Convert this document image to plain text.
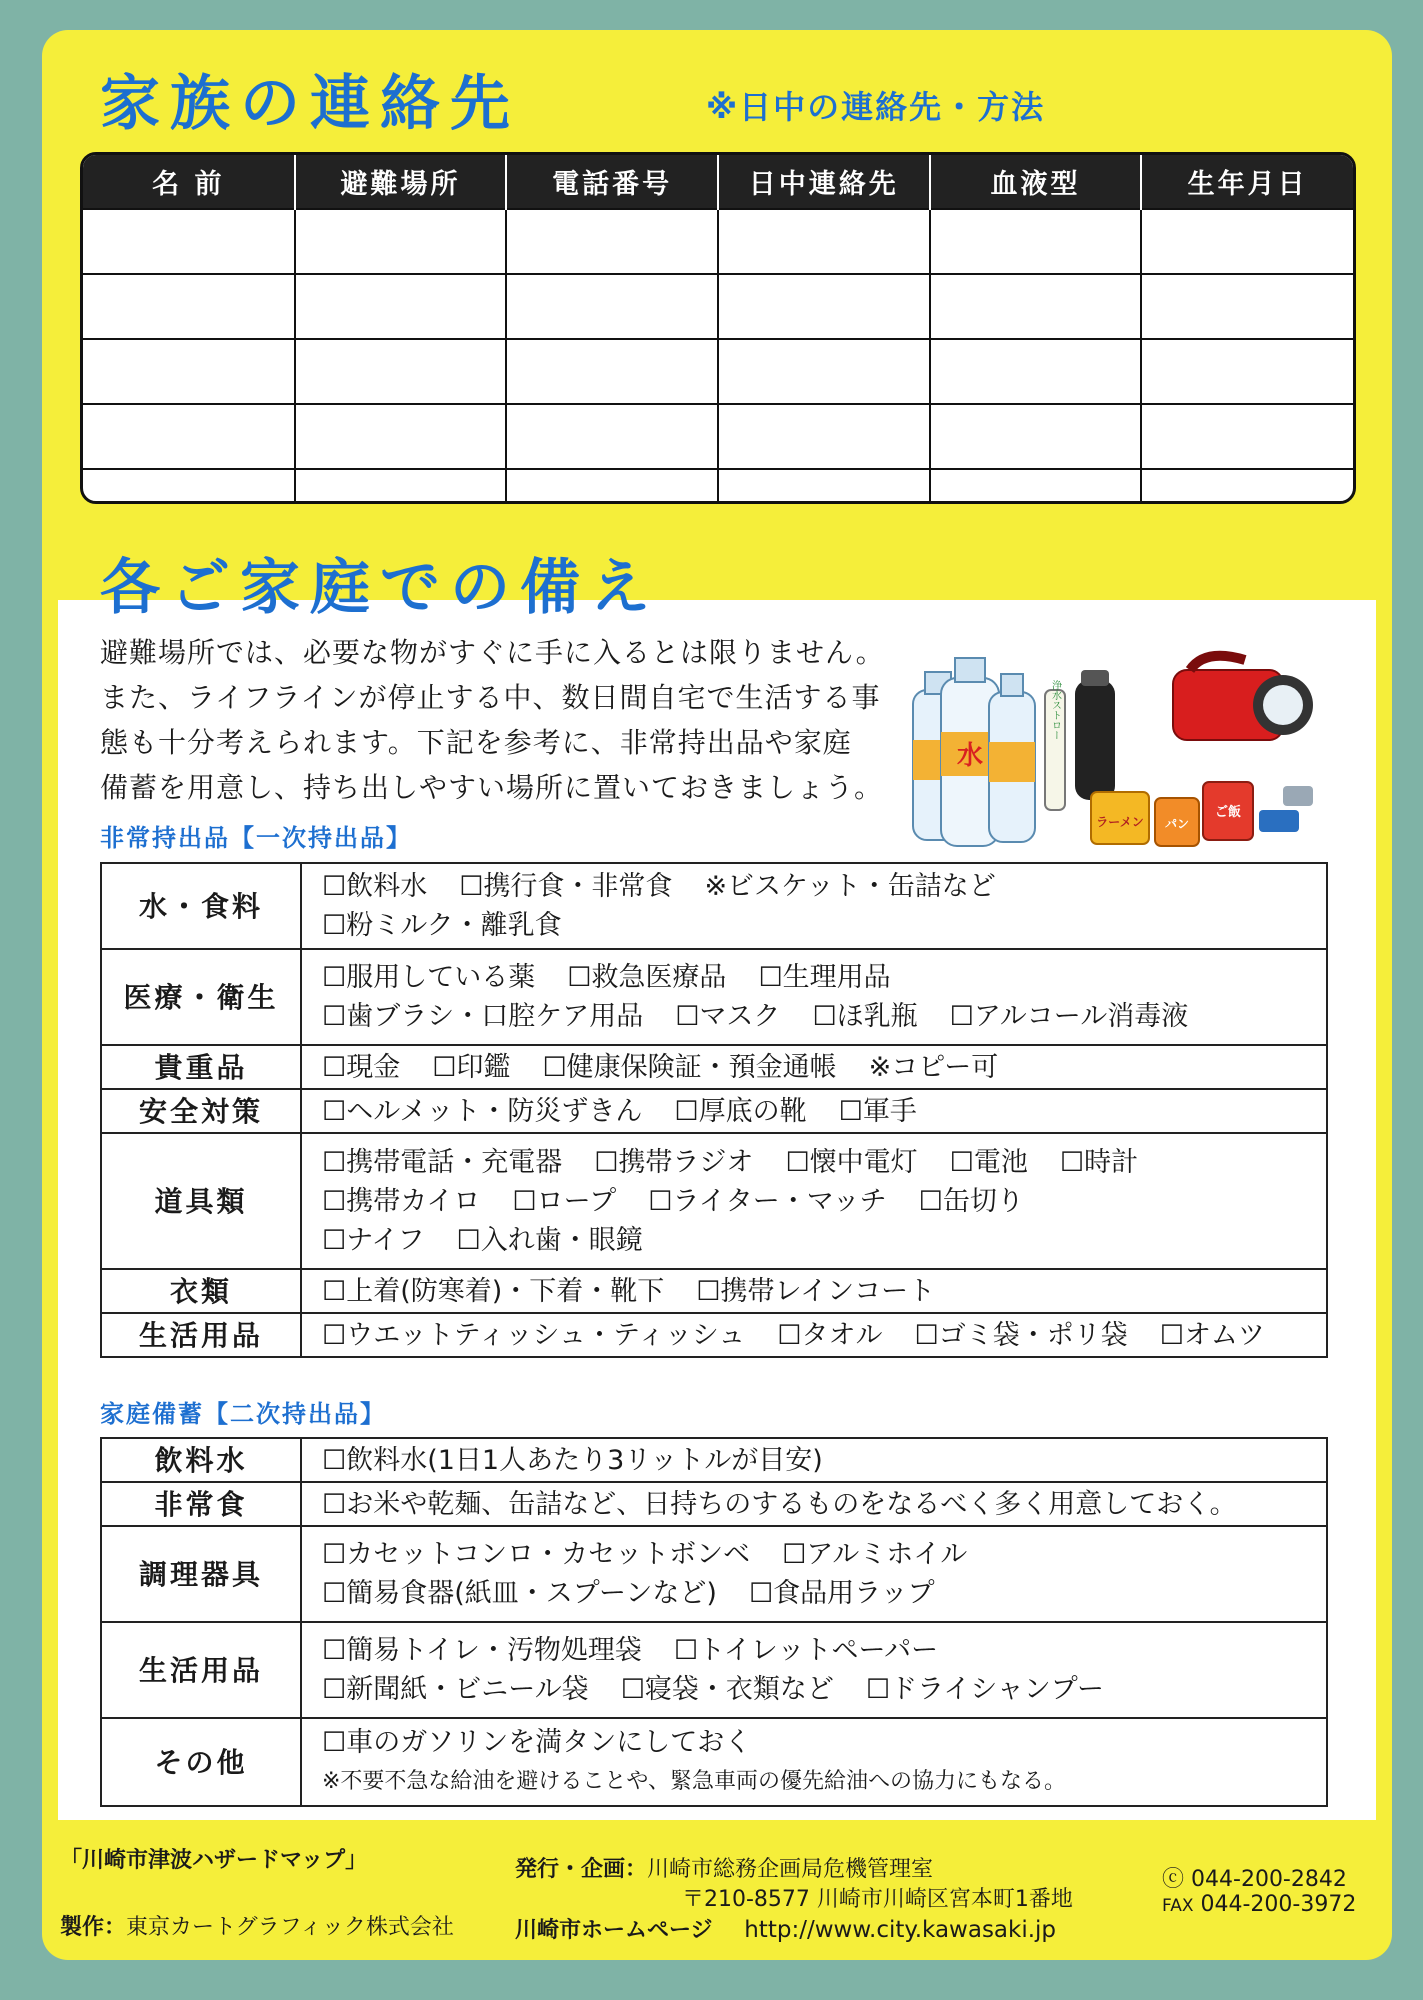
家族の連絡先	※日中の連絡先・方法
名 前	避難場所	電話番号	日中連絡先	血液型	生年月日

各ご家庭での備え
避難場所では、必要な物がすぐに手に入るとは限りません。
また、ライフラインが停止する中、数日間自宅で生活する事
態も十分考えられます。下記を参考に、非常持出品や家庭
備蓄を用意し、持ち出しやすい場所に置いておきましょう。
水
浄水ストロー
ラーメン パン
ご飯
非常持出品【一次持出品】
水・食料	☐ 飲料水 ☐ 携行食・非常食 ※ビスケット・缶詰など
☐ 粉ミルク・離乳食

医療・衛生	☐ 服用している薬 ☐ 救急医療品 ☐ 生理用品
☐ 歯ブラシ・口腔ケア用品 ☐ マスク ☐ ほ乳瓶 ☐ アルコール消毒液

貴重品	☐ 現金 ☐ 印鑑 ☐ 健康保険証・預金通帳 ※コピー可

安全対策	☐ ヘルメット・防災ずきん ☐ 厚底の靴 ☐ 軍手

道具類	☐ 携帯電話・充電器 ☐ 携帯ラジオ ☐ 懐中電灯 ☐ 電池 ☐ 時計
☐ 携帯カイロ ☐ ロープ ☐ ライター・マッチ ☐ 缶切り
☐ ナイフ ☐ 入れ歯・眼鏡

衣類	☐ 上着(防寒着)・下着・靴下 ☐ 携帯レインコート

生活用品	☐ ウエットティッシュ・ティッシュ ☐ タオル ☐ ゴミ袋・ポリ袋 ☐ オムツ
家庭備蓄【二次持出品】
飲料水	☐ 飲料水(1日1人あたり3リットルが目安)

非常食	☐ お米や乾麺、缶詰など、日持ちのするものをなるべく多く用意しておく。

調理器具	☐ カセットコンロ・カセットボンベ ☐ アルミホイル
☐ 簡易食器(紙皿・スプーンなど) ☐ 食品用ラップ

生活用品	☐ 簡易トイレ・汚物処理袋 ☐ トイレットペーパー
☐ 新聞紙・ビニール袋 ☐ 寝袋・衣類など ☐ ドライシャンプー

その他	☐ 車のガソリンを満タンにしておく
※不要不急な給油を避けることや、緊急車両の優先給油への協力にもなる。
「川崎市津波ハザードマップ」
製作：東京カートグラフィック株式会社
発行・企画：川崎市総務企画局危機管理室
〒210-8577 川崎市川崎区宮本町1番地
川崎市ホームページ http://www.city.kawasaki.jp
ⓒ 044-200-2842
FAX 044-200-3972
